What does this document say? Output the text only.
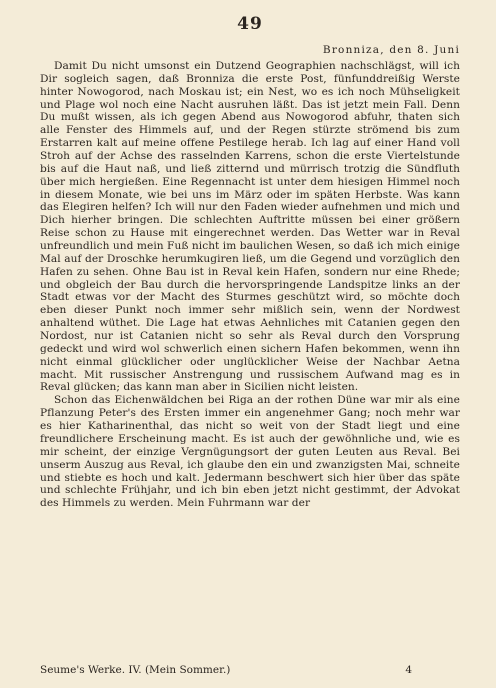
49
Bronniza, den 8. Juni

Damit Du nicht umsonst ein Dutzend Geographien nachschlägst, will ich Dir sogleich sagen, daß Bronniza die erste Post, fünfunddreißig Werste hinter Nowogorod, nach Moskau ist; ein Nest, wo es ich noch Mühseligkeit und Plage wol noch eine Nacht ausruhen läßt. Das ist jetzt mein Fall. Denn Du mußt wissen, als ich gegen Abend aus Nowogorod abfuhr, thaten sich alle Fenster des Himmels auf, und der Regen stürzte strömend bis zum Erstarren kalt auf meine offene Pestilege herab. Ich lag auf einer Hand voll Stroh auf der Achse des rasselnden Karrens, schon die erste Viertelstunde bis auf die Haut naß, und ließ zitternd und mürrisch trotzig die Sündfluth über mich hergießen. Eine Regennacht ist unter dem hiesigen Himmel noch in diesem Monate, wie bei uns im März oder im späten Herbste. Was kann das Elegiren helfen? Ich will nur den Faden wieder aufnehmen und mich und Dich hierher bringen. Die schlechten Auftritte müssen bei einer größern Reise schon zu Hause mit eingerechnet werden. Das Wetter war in Reval unfreundlich und mein Fuß nicht im baulichen Wesen, so daß ich mich einige Mal auf der Droschke herumkugiren ließ, um die Gegend und vorzüglich den Hafen zu sehen. Ohne Bau ist in Reval kein Hafen, sondern nur eine Rhede; und obgleich der Bau durch die hervorspringende Landspitze links an der Stadt etwas vor der Macht des Sturmes geschützt wird, so möchte doch eben dieser Punkt noch immer sehr mißlich sein, wenn der Nordwest anhaltend wüthet. Die Lage hat etwas Aehnliches mit Catanien gegen den Nordost, nur ist Catanien nicht so sehr als Reval durch den Vorsprung gedeckt und wird wol schwerlich einen sichern Hafen bekommen, wenn ihn nicht einmal glücklicher oder unglücklicher Weise der Nachbar Aetna macht. Mit russischer Anstrengung und russischem Aufwand mag es in Reval glücken; das kann man aber in Sicilien nicht leisten.

Schon das Eichenwäldchen bei Riga an der rothen Düne war mir als eine Pflanzung Peter's des Ersten immer ein angenehmer Gang; noch mehr war es hier Katharinenthal, das nicht so weit von der Stadt liegt und eine freundlichere Erscheinung macht. Es ist auch der gewöhnliche und, wie es mir scheint, der einzige Vergnügungsort der guten Leuten aus Reval. Bei unserm Auszug aus Reval, ich glaube den ein und zwanzigsten Mai, schneite und stiebte es hoch und kalt. Jedermann beschwert sich hier über das späte und schlechte Frühjahr, und ich bin eben jetzt nicht gestimmt, der Advokat des Himmels zu werden. Mein Fuhrmann war der

Seume's Werke. IV. (Mein Sommer.)	4
